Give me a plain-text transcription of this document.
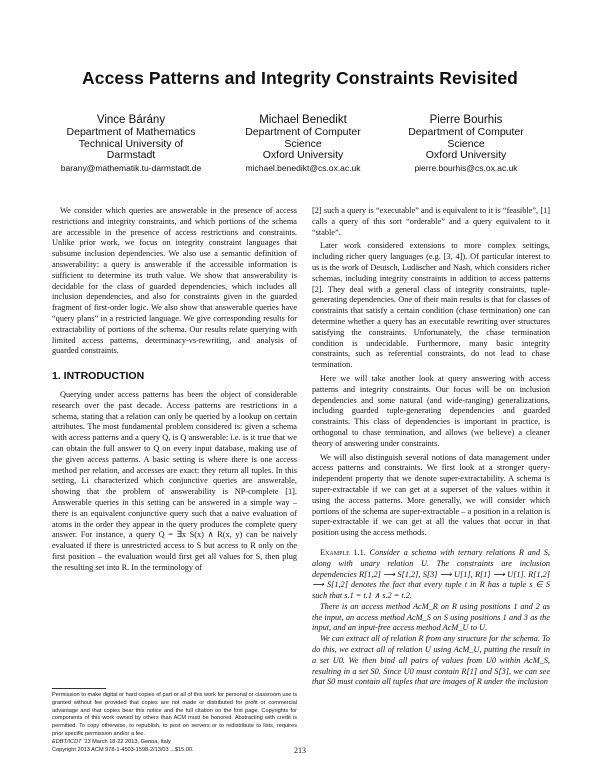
Access Patterns and Integrity Constraints Revisited
Vince Bárány
Department of Mathematics
Technical University of
Darmstadt
barany@mathematik.tu-darmstadt.de
Michael Benedikt
Department of Computer
Science
Oxford University
michael.benedikt@cs.ox.ac.uk
Pierre Bourhis
Department of Computer
Science
Oxford University
pierre.bourhis@cs.ox.ac.uk

We consider which queries are answerable in the presence of access restrictions and integrity constraints, and which portions of the schema are accessible in the presence of access restrictions and constraints. Unlike prior work, we focus on integrity constraint languages that subsume inclusion dependencies. We also use a semantic definition of answerability: a query is answerable if the accessible information is sufficient to determine its truth value. We show that answerability is decidable for the class of guarded dependencies, which includes all inclusion dependencies, and also for constraints given in the guarded fragment of first-order logic. We also show that answerable queries have “query plans” in a restricted language. We give corresponding results for extractability of portions of the schema. Our results relate querying with limited access patterns, determinacy-vs-rewriting, and analysis of guarded constraints.

1. INTRODUCTION

Querying under access patterns has been the object of considerable research over the past decade. Access patterns are restrictions in a schema, stating that a relation can only be queried by a lookup on certain attributes. The most fundamental problem considered is: given a schema with access patterns and a query Q, is Q answerable: i.e. is it true that we can obtain the full answer to Q on every input database, making use of the given access patterns. A basic setting is where there is one access method per relation, and accesses are exact: they return all tuples. In this setting, Li characterized which conjunctive queries are answerable, showing that the problem of answerability is NP-complete [1]. Answerable queries in this setting can be answered in a simple way – there is an equivalent conjunctive query such that a naive evaluation of atoms in the order they appear in the query produces the complete query answer. For instance, a query Q = ∃x S(x) ∧ R(x, y) can be naively evaluated if there is unrestricted access to S but access to R only on the first position – the evaluation would first get all values for S, then plug the resulting set into R. In the terminology of

Permission to make digital or hard copies of part or all of this work for personal or classroom use is granted without fee provided that copies are not made or distributed for profit or commercial advantage and that copies bear this notice and the full citation on the first page. Copyrights for components of this work owned by others than ACM must be honored. Abstracting with credit is permitted. To copy otherwise, to republish, to post on servers or to redistribute to lists, requires prior specific permission and/or a fee.
EDBT/ICDT ’13 March 18-22 2013, Genoa, Italy
Copyright 2013 ACM 978-1-4503-1598-2/13/03 ...$15.00.

[2] such a query is “executable” and is equivalent to it is “feasible”, [1] calls a query of this sort “orderable” and a query equivalent to it “stable”.

Later work considered extensions to more complex settings, including richer query languages (e.g. [3, 4]). Of particular interest to us is the work of Deutsch, Ludäscher and Nash, which considers richer schemas, including integrity constraints in addition to access patterns [2]. They deal with a general class of integrity constraints, tuple-generating dependencies. One of their main results is that for classes of constraints that satisfy a certain condition (chase termination) one can determine whether a query has an executable rewriting over structures satisfying the constraints. Unfortunately, the chase termination condition is undecidable. Furthermore, many basic integrity constraints, such as referential constraints, do not lead to chase termination.

Here we will take another look at query answering with access patterns and integrity constraints. Our focus will be on inclusion dependencies and some natural (and wide-ranging) generalizations, including guarded tuple-generating dependencies and guarded constraints. This class of dependencies is important in practice, is orthogonal to chase termination, and allows (we believe) a cleaner theory of answering under constraints.

We will also distinguish several notions of data management under access patterns and constraints. We first look at a stronger query-independent property that we denote super-extractability. A schema is super-extractable if we can get at a superset of the values within it using the access patterns. More generally, we will consider which portions of the schema are super-extractable – a position in a relation is super-extractable if we can get at all the values that occur in that position using the access methods.

Example 1.1. Consider a schema with ternary relations R and S, along with unary relation U. The constraints are inclusion dependencies R[1,2] ⟶ S[1,2], S[3] ⟶ U[1], R[1] ⟶ U[1]. R[1,2] ⟶ S[1,2] denotes the fact that every tuple t in R has a tuple s ∈ S such that s.1 = t.1 ∧ s.2 = t.2.

There is an access method AcM_R on R using positions 1 and 2 as the input, an access method AcM_S on S using positions 1 and 3 as the input, and an input-free access method AcM_U to U.

We can extract all of relation R from any structure for the schema. To do this, we extract all of relation U using AcM_U, putting the result in a set U0. We then bind all pairs of values from U0 within AcM_S, resulting in a set S0. Since U0 must contain R[1] and S[3], we can see that S0 must contain all tuples that are images of R under the inclusion

213
